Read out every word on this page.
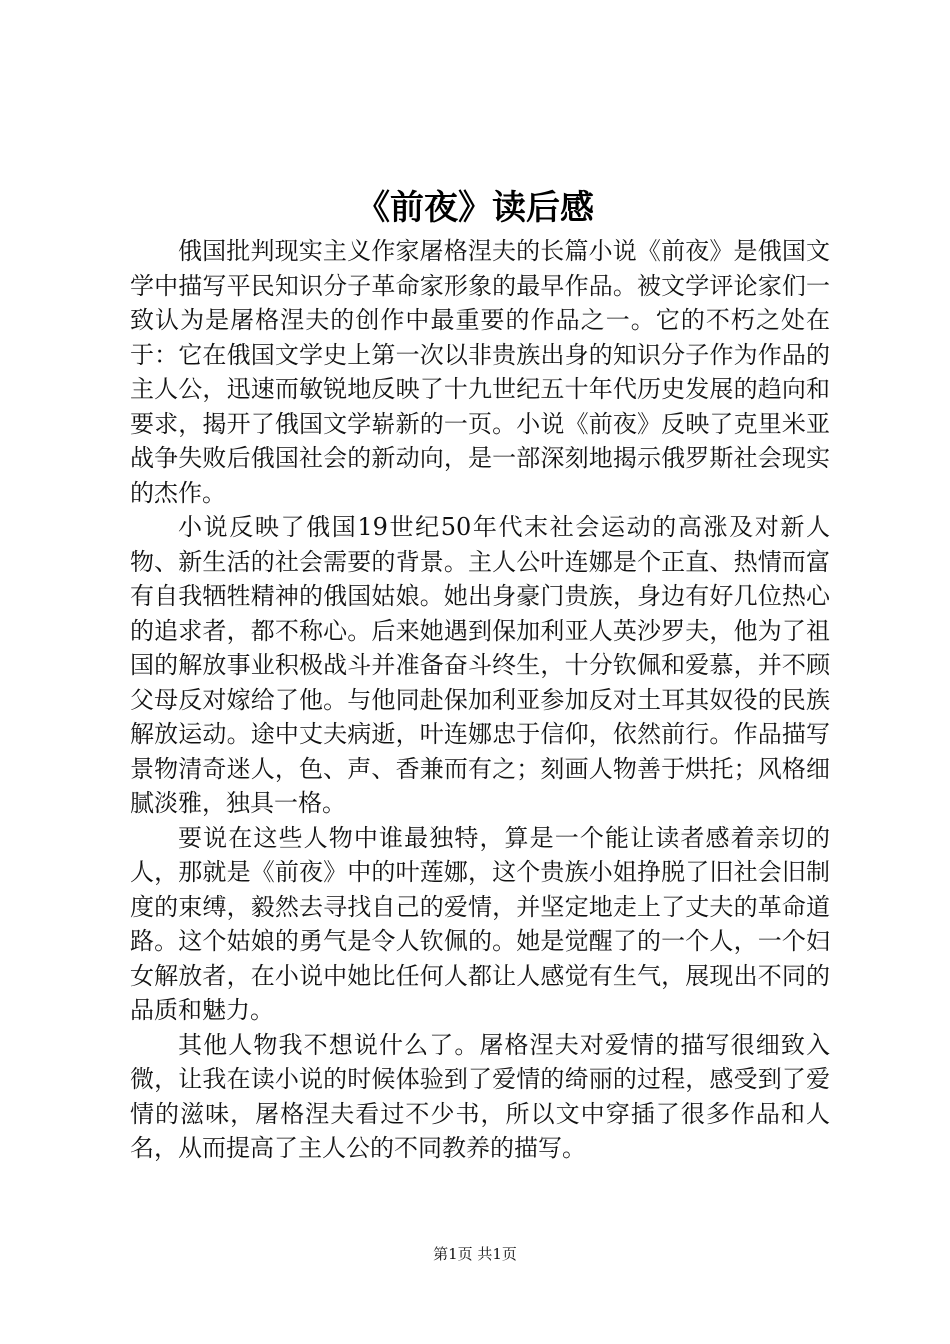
《前夜》读后感

俄国批判现实主义作家屠格涅夫的长篇小说《前夜》是俄国文学中描写平民知识分子革命家形象的最早作品。被文学评论家们一致认为是屠格涅夫的创作中最重要的作品之一。它的不朽之处在于：它在俄国文学史上第一次以非贵族出身的知识分子作为作品的主人公，迅速而敏锐地反映了十九世纪五十年代历史发展的趋向和要求，揭开了俄国文学崭新的一页。小说《前夜》反映了克里米亚战争失败后俄国社会的新动向，是一部深刻地揭示俄罗斯社会现实的杰作。

小说反映了俄国19世纪50年代末社会运动的高涨及对新人物、新生活的社会需要的背景。主人公叶连娜是个正直、热情而富有自我牺牲精神的俄国姑娘。她出身豪门贵族，身边有好几位热心的追求者，都不称心。后来她遇到保加利亚人英沙罗夫，他为了祖国的解放事业积极战斗并准备奋斗终生，十分钦佩和爱慕，并不顾父母反对嫁给了他。与他同赴保加利亚参加反对土耳其奴役的民族解放运动。途中丈夫病逝，叶连娜忠于信仰，依然前行。作品描写景物清奇迷人，色、声、香兼而有之；刻画人物善于烘托；风格细腻淡雅，独具一格。

要说在这些人物中谁最独特，算是一个能让读者感着亲切的人，那就是《前夜》中的叶莲娜，这个贵族小姐挣脱了旧社会旧制度的束缚，毅然去寻找自己的爱情，并坚定地走上了丈夫的革命道路。这个姑娘的勇气是令人钦佩的。她是觉醒了的一个人，一个妇女解放者，在小说中她比任何人都让人感觉有生气，展现出不同的品质和魅力。

其他人物我不想说什么了。屠格涅夫对爱情的描写很细致入微，让我在读小说的时候体验到了爱情的绮丽的过程，感受到了爱情的滋味，屠格涅夫看过不少书，所以文中穿插了很多作品和人名，从而提高了主人公的不同教养的描写。

第1页 共1页
